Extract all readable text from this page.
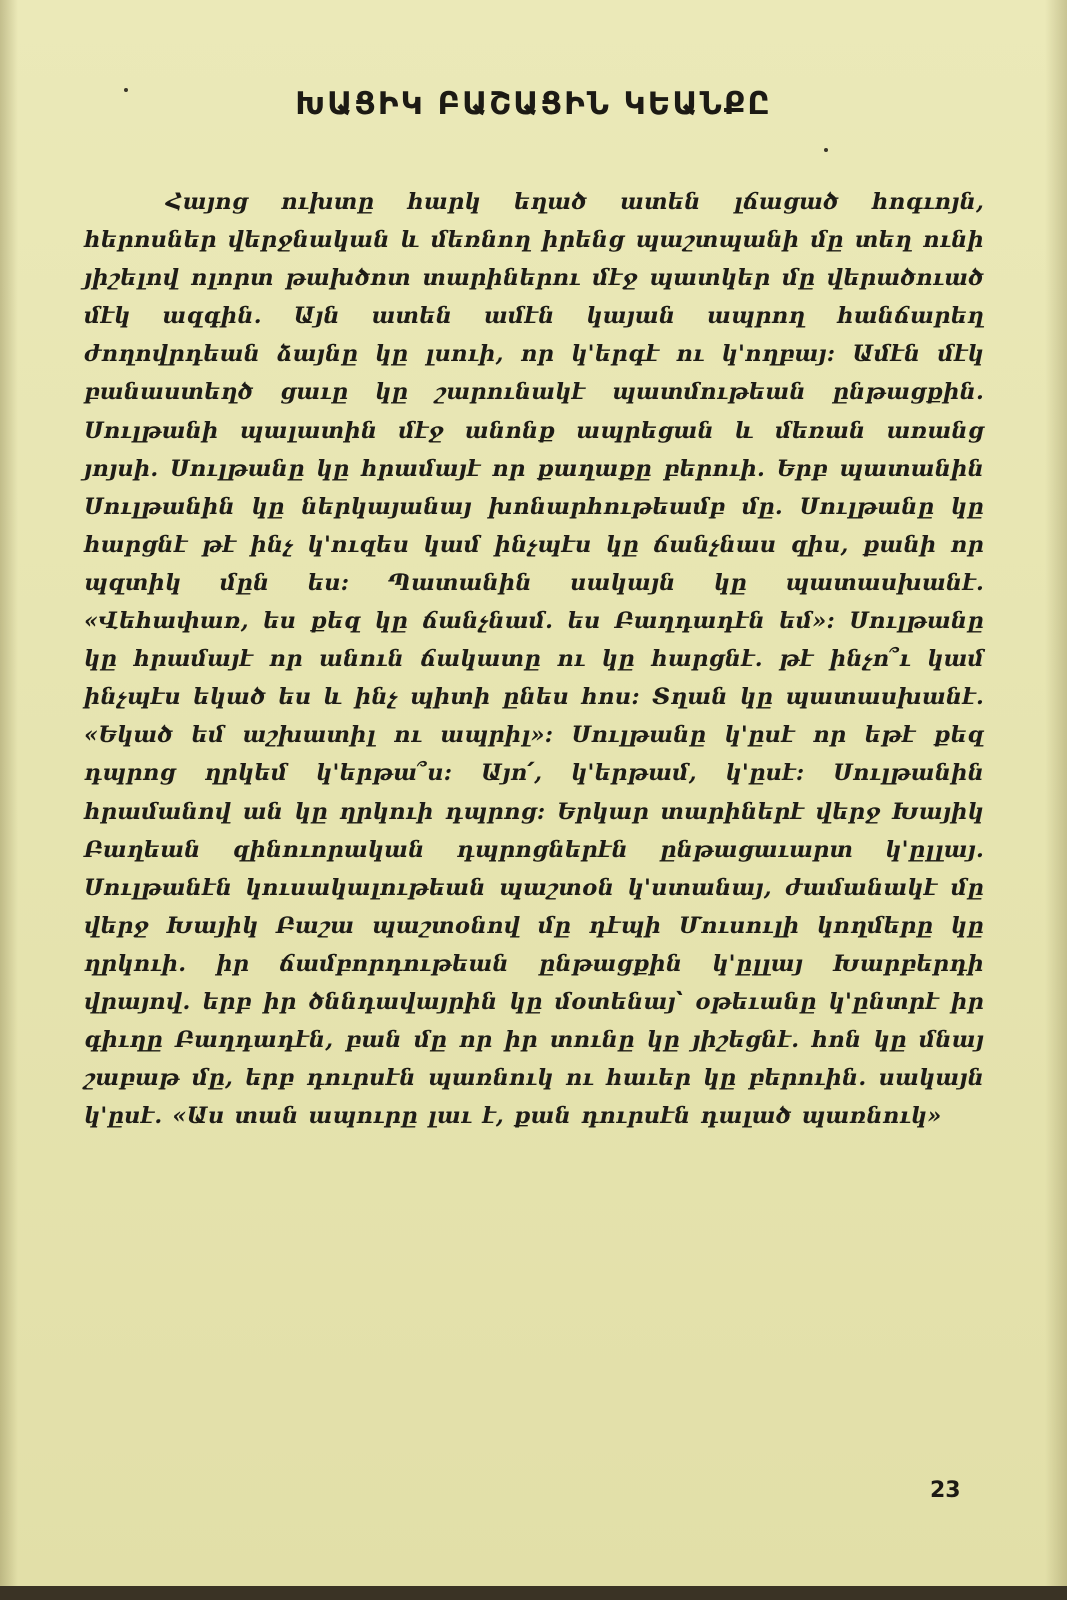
ԽԱՑԻԿ ԲԱՇԱՑԻՆ ԿԵԱՆՔԸ
Հայոց ուխտը հարկ եղած ատեն լճացած հոգւոյն, հերոսներ վերջնական և մեռնող իրենց պաշտպանի մը տեղ ունի յիշելով ոլորտ թախծոտ տարիներու մէջ պատկեր մը վերածուած մէկ ազգին. Այն ատեն ամէն կայան ապրող հանճարեղ ժողովրդեան ձայնը կը լսուի, որ կ'երգէ ու կ'ողբայ: Ամէն մէկ բանաստեղծ ցաւը կը շարունակէ պատմութեան ընթացքին. Սուլթանի պալատին մէջ անոնք ապրեցան և մեռան առանց յոյսի. Սուլթանը կը հրամայէ որ քաղաքը բերուի. Երբ պատանին Սուլթանին կը ներկայանայ խոնարհութեամբ մը. Սուլթանը կը հարցնէ թէ ինչ կ'ուզես կամ ինչպէս կը ճանչնաս զիս, քանի որ պզտիկ մըն ես: Պատանին սակայն կը պատասխանէ. «Վեհափառ, ես քեզ կը ճանչնամ. ես Բաղդադէն եմ»: Սուլթանը կը հրամայէ որ անուն ճակատը ու կը հարցնէ. թէ ինչո՞ւ կամ ինչպէս եկած ես և ինչ պիտի ընես հոս: Տղան կը պատասխանէ. «Եկած եմ աշխատիլ ու ապրիլ»: Սուլթանը կ'ըսէ որ եթէ քեզ դպրոց ղրկեմ կ'երթա՞ս: Այո՛, կ'երթամ, կ'ըսէ: Սուլթանին հրամանով ան կը ղրկուի դպրոց: Երկար տարիներէ վերջ Խայիկ Բաղեան զինուորական դպրոցներէն ընթացաւարտ կ'ըլլայ. Սուլթանէն կուսակալութեան պաշտօն կ'ստանայ, ժամանակէ մը վերջ Խայիկ Բաշա պաշտօնով մը դէպի Մուսուլի կողմերը կը ղրկուի. իր ճամբորդութեան ընթացքին կ'ըլլայ Խարբերդի վրայով. երբ իր ծննդավայրին կը մօտենայ՝ օթեւանը կ'ընտրէ իր գիւղը Բաղդադէն, բան մը որ իր տունը կը յիշեցնէ. հոն կը մնայ շաբաթ մը, երբ դուրսէն պառնուկ ու հաւեր կը բերուին. սակայն կ'ըսէ. «Աս տան ապուրը լաւ է, քան դուրսէն դալած պառնուկ»
23
